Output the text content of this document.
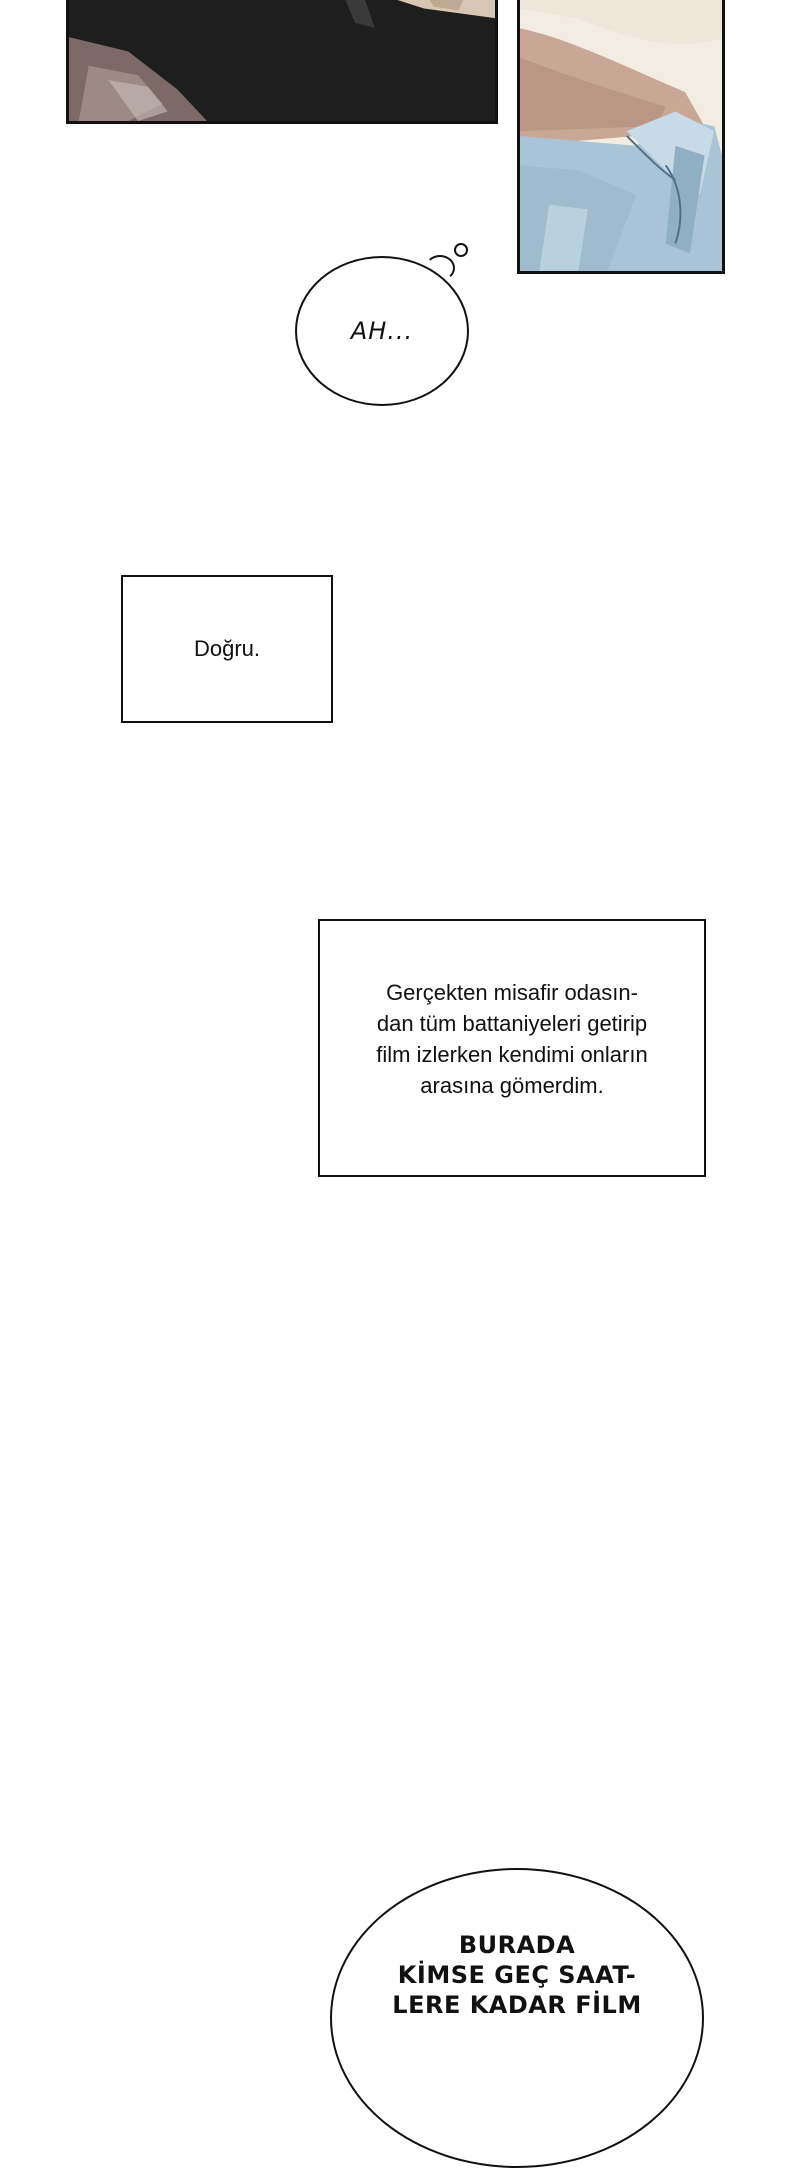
AH...
Doğru.
Gerçekten misafir odasın-
dan tüm battaniyeleri getirip
film izlerken kendimi onların
arasına gömerdim.
BURADA
KİMSE GEÇ SAAT-
LERE KADAR FİLM
